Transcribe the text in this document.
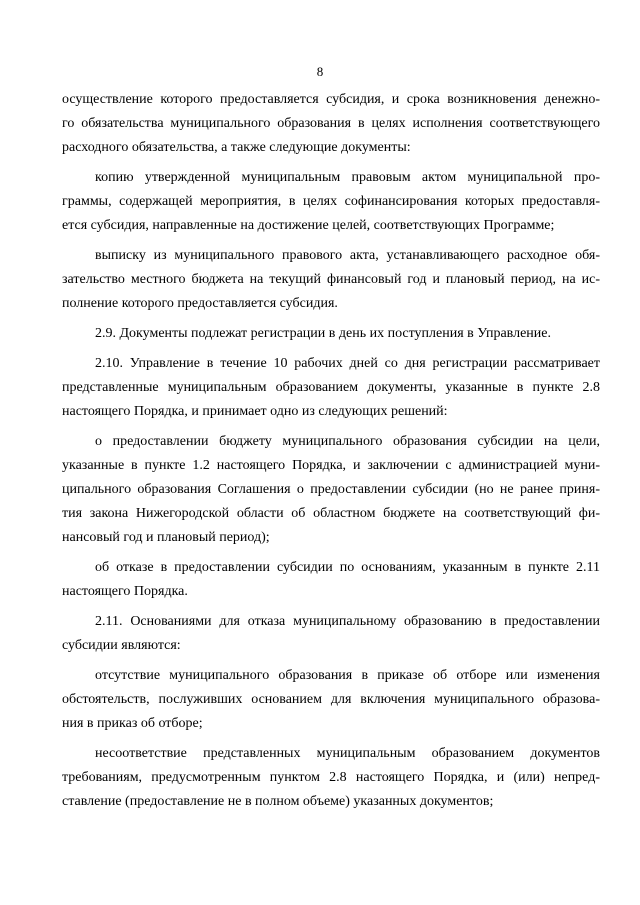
8
осуществление которого предоставляется субсидия, и срока возникновения денежно-
го обязательства муниципального образования в целях исполнения соответствующего
расходного обязательства, а также следующие документы:
копию утвержденной муниципальным правовым актом муниципальной про-
граммы, содержащей мероприятия, в целях софинансирования которых предоставля-
ется субсидия, направленные на достижение целей, соответствующих Программе;
выписку из муниципального правового акта, устанавливающего расходное обя-
зательство местного бюджета на текущий финансовый год и плановый период, на ис-
полнение которого предоставляется субсидия.
2.9. Документы подлежат регистрации в день их поступления в Управление.
2.10. Управление в течение 10 рабочих дней со дня регистрации рассматривает
представленные муниципальным образованием документы, указанные в пункте 2.8
настоящего Порядка, и принимает одно из следующих решений:
о предоставлении бюджету муниципального образования субсидии на цели,
указанные в пункте 1.2 настоящего Порядка, и заключении с администрацией муни-
ципального образования Соглашения о предоставлении субсидии (но не ранее приня-
тия закона Нижегородской области об областном бюджете на соответствующий фи-
нансовый год и плановый период);
об отказе в предоставлении субсидии по основаниям, указанным в пункте 2.11
настоящего Порядка.
2.11. Основаниями для отказа муниципальному образованию в предоставлении
субсидии являются:
отсутствие муниципального образования в приказе об отборе или изменения
обстоятельств, послуживших основанием для включения муниципального образова-
ния в приказ об отборе;
несоответствие представленных муниципальным образованием документов
требованиям, предусмотренным пунктом 2.8 настоящего Порядка, и (или) непред-
ставление (предоставление не в полном объеме) указанных документов;
